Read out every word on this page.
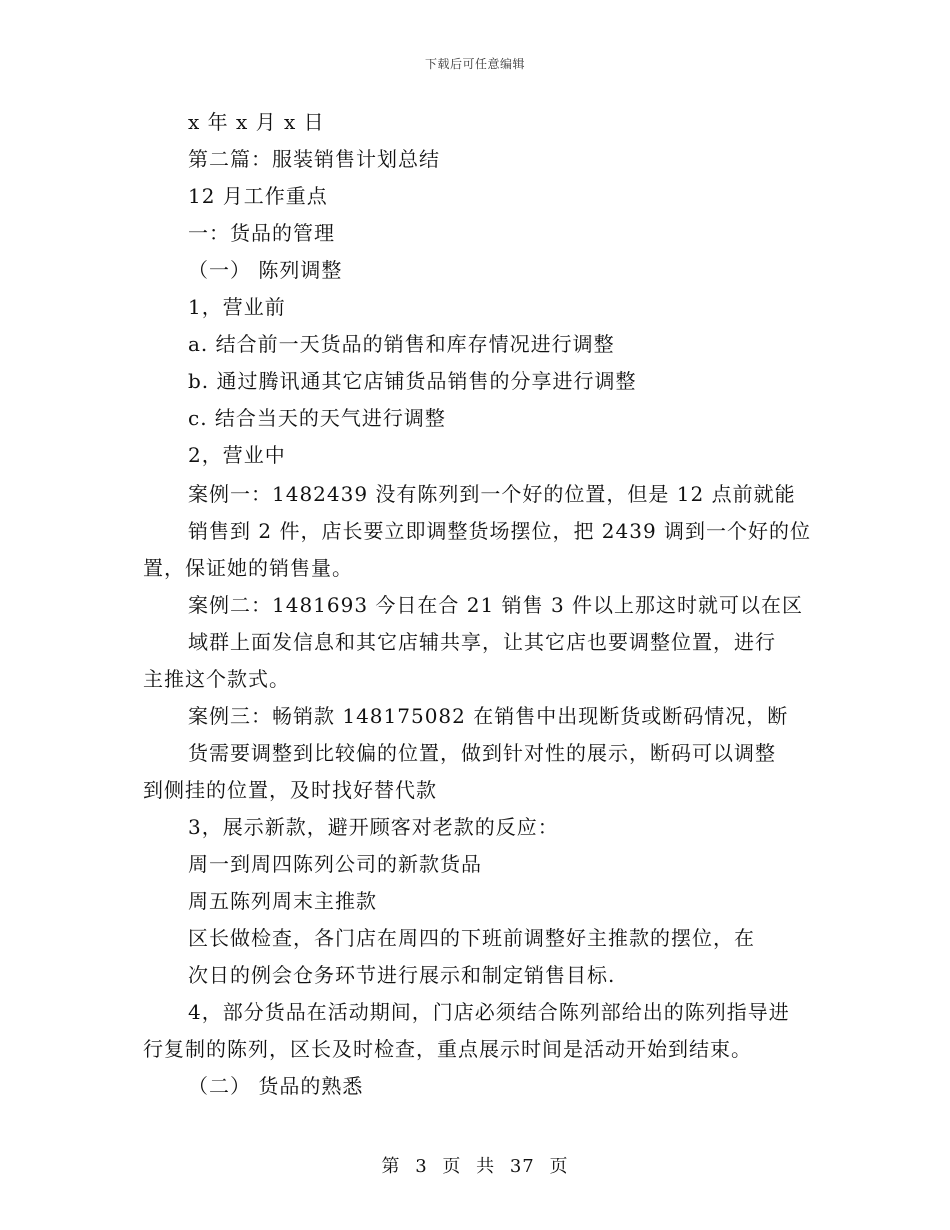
下载后可任意编辑
x 年 x 月 x 日
第二篇：服装销售计划总结
12 月工作重点
一：货品的管理
（一） 陈列调整
1，营业前
a. 结合前一天货品的销售和库存情况进行调整
b. 通过腾讯通其它店铺货品销售的分享进行调整
c. 结合当天的天气进行调整
2，营业中
案例一：1482439 没有陈列到一个好的位置，但是 12 点前就能
销售到 2 件，店长要立即调整货场摆位，把 2439 调到一个好的位
置，保证她的销售量。
案例二：1481693 今日在合 21 销售 3 件以上那这时就可以在区
域群上面发信息和其它店辅共享，让其它店也要调整位置，进行
主推这个款式。
案例三：畅销款 148175082 在销售中出现断货或断码情况，断
货需要调整到比较偏的位置，做到针对性的展示，断码可以调整
到侧挂的位置，及时找好替代款
3，展示新款，避开顾客对老款的反应：
周一到周四陈列公司的新款货品
周五陈列周末主推款
区长做检查，各门店在周四的下班前调整好主推款的摆位，在
次日的例会仓务环节进行展示和制定销售目标.
4，部分货品在活动期间，门店必须结合陈列部给出的陈列指导进
行复制的陈列，区长及时检查，重点展示时间是活动开始到结束。
（二） 货品的熟悉
第 3 页 共 37 页
